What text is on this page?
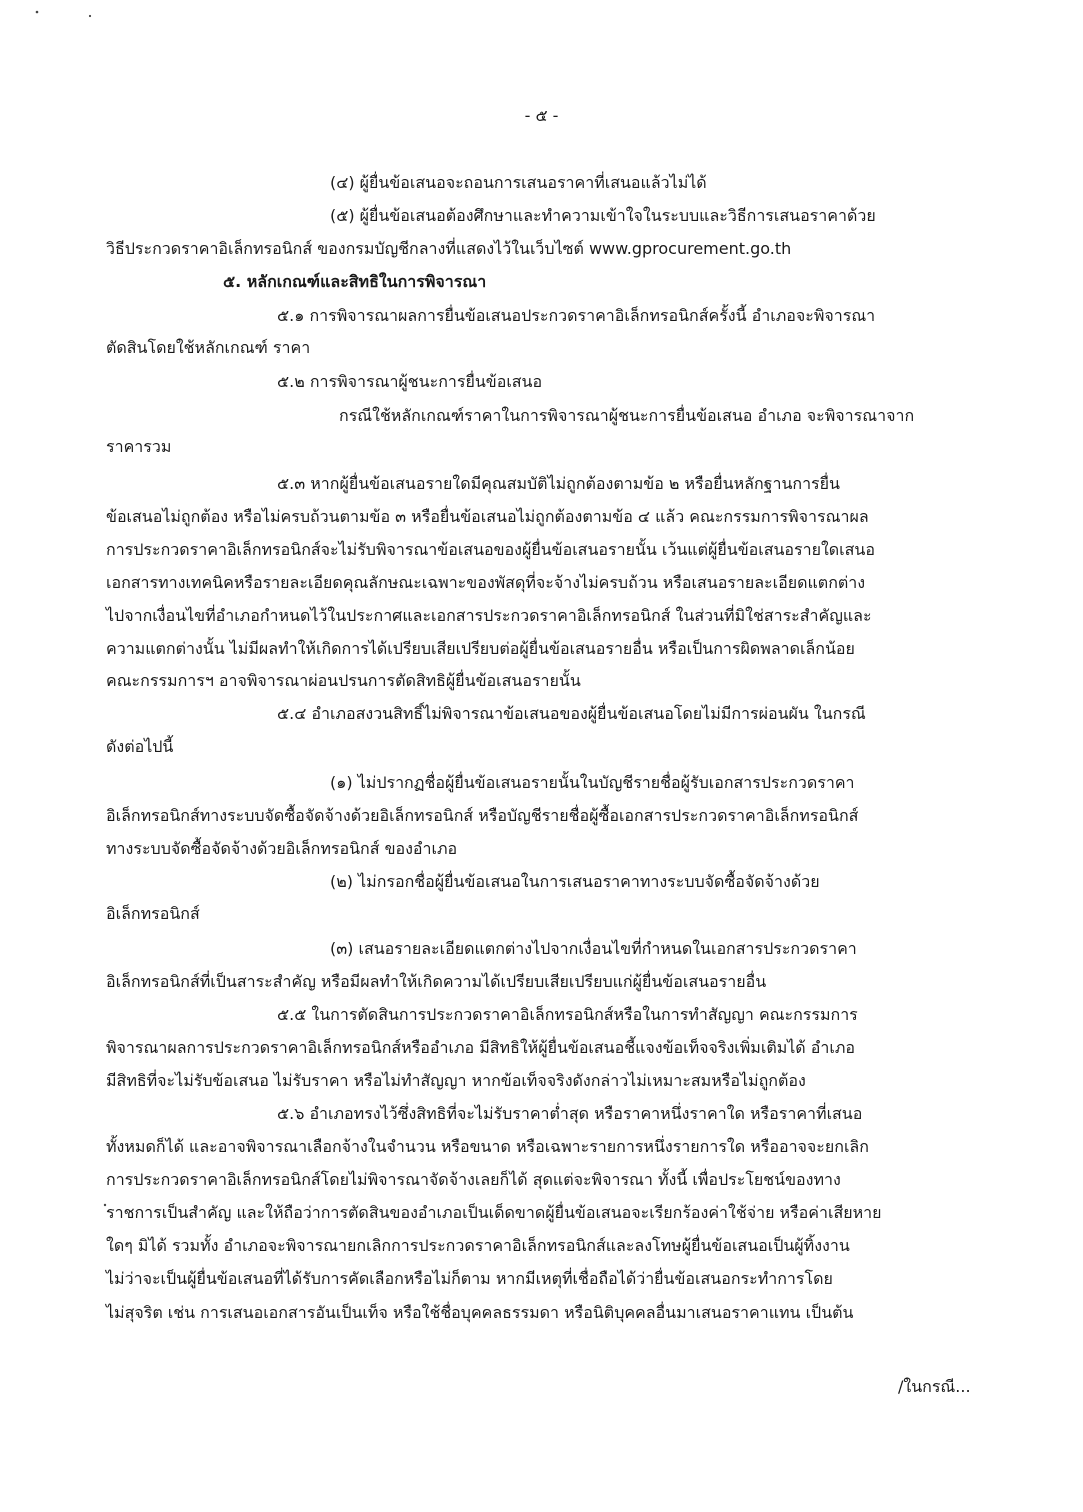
- ๕ -
(๔) ผู้ยื่นข้อเสนอจะถอนการเสนอราคาที่เสนอแล้วไม่ได้
(๕) ผู้ยื่นข้อเสนอต้องศึกษาและทำความเข้าใจในระบบและวิธีการเสนอราคาด้วย
วิธีประกวดราคาอิเล็กทรอนิกส์ ของกรมบัญชีกลางที่แสดงไว้ในเว็บไซต์ www.gprocurement.go.th
๕. หลักเกณฑ์และสิทธิในการพิจารณา
๕.๑ การพิจารณาผลการยื่นข้อเสนอประกวดราคาอิเล็กทรอนิกส์ครั้งนี้ อำเภอจะพิจารณา
ตัดสินโดยใช้หลักเกณฑ์ ราคา
๕.๒ การพิจารณาผู้ชนะการยื่นข้อเสนอ
กรณีใช้หลักเกณฑ์ราคาในการพิจารณาผู้ชนะการยื่นข้อเสนอ อำเภอ จะพิจารณาจาก
ราคารวม
๕.๓ หากผู้ยื่นข้อเสนอรายใดมีคุณสมบัติไม่ถูกต้องตามข้อ ๒ หรือยื่นหลักฐานการยื่น
ข้อเสนอไม่ถูกต้อง หรือไม่ครบถ้วนตามข้อ ๓ หรือยื่นข้อเสนอไม่ถูกต้องตามข้อ ๔ แล้ว คณะกรรมการพิจารณาผล
การประกวดราคาอิเล็กทรอนิกส์จะไม่รับพิจารณาข้อเสนอของผู้ยื่นข้อเสนอรายนั้น เว้นแต่ผู้ยื่นข้อเสนอรายใดเสนอ
เอกสารทางเทคนิคหรือรายละเอียดคุณลักษณะเฉพาะของพัสดุที่จะจ้างไม่ครบถ้วน หรือเสนอรายละเอียดแตกต่าง
ไปจากเงื่อนไขที่อำเภอกำหนดไว้ในประกาศและเอกสารประกวดราคาอิเล็กทรอนิกส์ ในส่วนที่มิใช่สาระสำคัญและ
ความแตกต่างนั้น ไม่มีผลทำให้เกิดการได้เปรียบเสียเปรียบต่อผู้ยื่นข้อเสนอรายอื่น หรือเป็นการผิดพลาดเล็กน้อย
คณะกรรมการฯ อาจพิจารณาผ่อนปรนการตัดสิทธิผู้ยื่นข้อเสนอรายนั้น
๕.๔ อำเภอสงวนสิทธิ์ไม่พิจารณาข้อเสนอของผู้ยื่นข้อเสนอโดยไม่มีการผ่อนผัน ในกรณี
ดังต่อไปนี้
(๑) ไม่ปรากฏชื่อผู้ยื่นข้อเสนอรายนั้นในบัญชีรายชื่อผู้รับเอกสารประกวดราคา
อิเล็กทรอนิกส์ทางระบบจัดซื้อจัดจ้างด้วยอิเล็กทรอนิกส์ หรือบัญชีรายชื่อผู้ซื้อเอกสารประกวดราคาอิเล็กทรอนิกส์
ทางระบบจัดซื้อจัดจ้างด้วยอิเล็กทรอนิกส์ ของอำเภอ
(๒) ไม่กรอกชื่อผู้ยื่นข้อเสนอในการเสนอราคาทางระบบจัดซื้อจัดจ้างด้วย
อิเล็กทรอนิกส์
(๓) เสนอรายละเอียดแตกต่างไปจากเงื่อนไขที่กำหนดในเอกสารประกวดราคา
อิเล็กทรอนิกส์ที่เป็นสาระสำคัญ หรือมีผลทำให้เกิดความได้เปรียบเสียเปรียบแก่ผู้ยื่นข้อเสนอรายอื่น
๕.๕ ในการตัดสินการประกวดราคาอิเล็กทรอนิกส์หรือในการทำสัญญา คณะกรรมการ
พิจารณาผลการประกวดราคาอิเล็กทรอนิกส์หรืออำเภอ มีสิทธิให้ผู้ยื่นข้อเสนอชี้แจงข้อเท็จจริงเพิ่มเติมได้ อำเภอ
มีสิทธิที่จะไม่รับข้อเสนอ ไม่รับราคา หรือไม่ทำสัญญา หากข้อเท็จจริงดังกล่าวไม่เหมาะสมหรือไม่ถูกต้อง
๕.๖ อำเภอทรงไว้ซึ่งสิทธิที่จะไม่รับราคาต่ำสุด หรือราคาหนึ่งราคาใด หรือราคาที่เสนอ
ทั้งหมดก็ได้ และอาจพิจารณาเลือกจ้างในจำนวน หรือขนาด หรือเฉพาะรายการหนึ่งรายการใด หรืออาจจะยกเลิก
การประกวดราคาอิเล็กทรอนิกส์โดยไม่พิจารณาจัดจ้างเลยก็ได้ สุดแต่จะพิจารณา ทั้งนี้ เพื่อประโยชน์ของทาง
ราชการเป็นสำคัญ และให้ถือว่าการตัดสินของอำเภอเป็นเด็ดขาดผู้ยื่นข้อเสนอจะเรียกร้องค่าใช้จ่าย หรือค่าเสียหาย
ใดๆ มิได้ รวมทั้ง อำเภอจะพิจารณายกเลิกการประกวดราคาอิเล็กทรอนิกส์และลงโทษผู้ยื่นข้อเสนอเป็นผู้ทิ้งงาน
ไม่ว่าจะเป็นผู้ยื่นข้อเสนอที่ได้รับการคัดเลือกหรือไม่ก็ตาม หากมีเหตุที่เชื่อถือได้ว่ายื่นข้อเสนอกระทำการโดย
ไม่สุจริต เช่น การเสนอเอกสารอันเป็นเท็จ หรือใช้ชื่อบุคคลธรรมดา หรือนิติบุคคลอื่นมาเสนอราคาแทน เป็นต้น
/ในกรณี...
